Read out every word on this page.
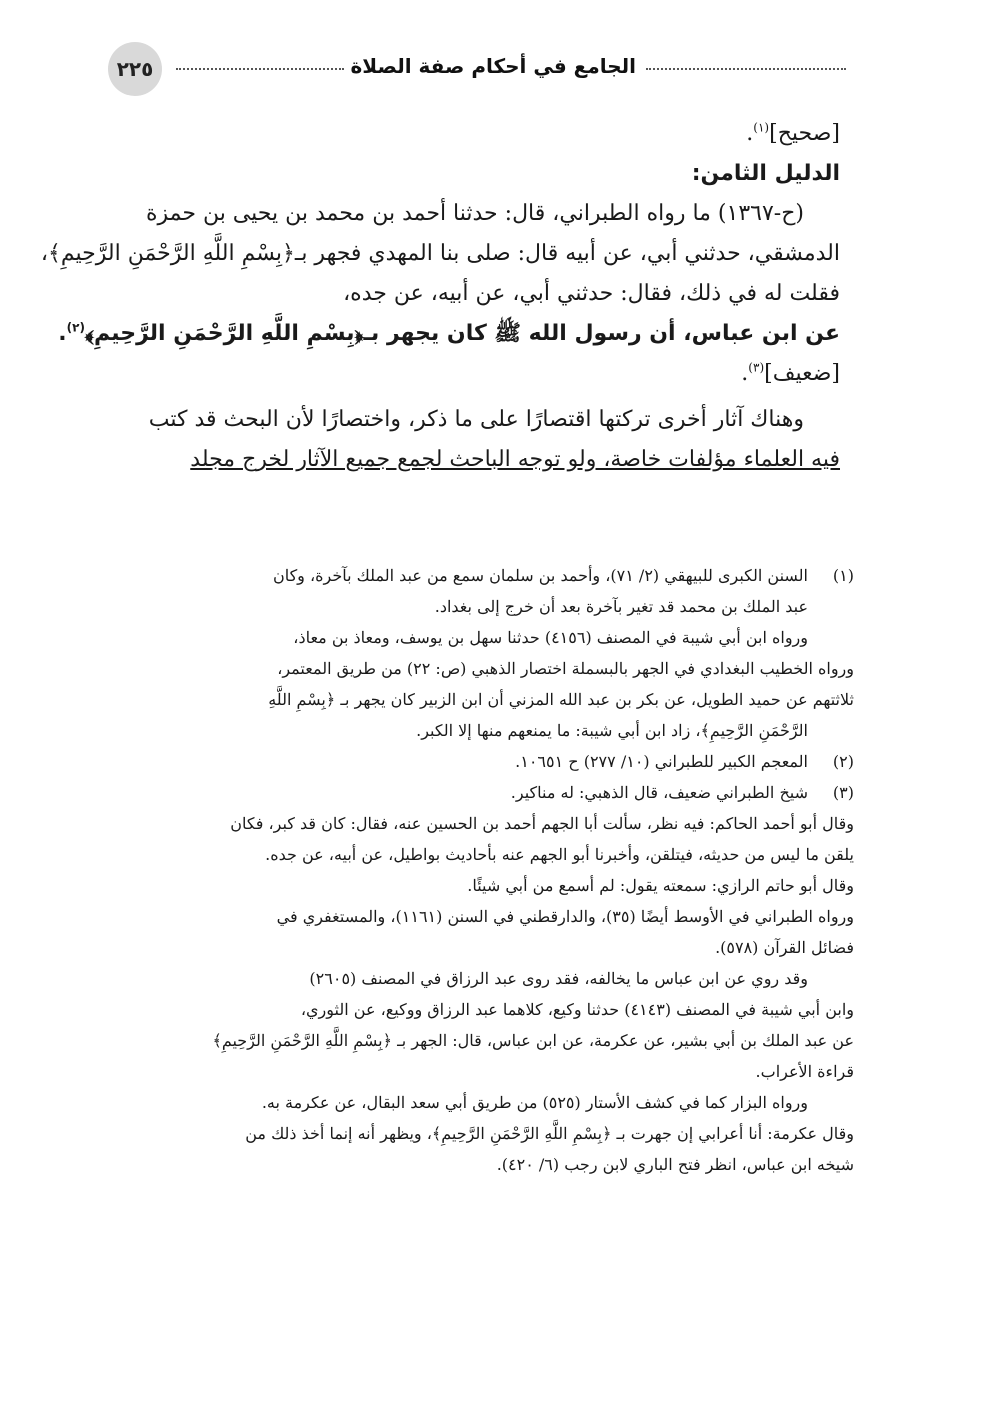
الجامع في أحكام صفة الصلاة
٢٢٥
[صحيح]$^{(١)}$.
الدليل الثامن:
(ح-١٣٦٧) ما رواه الطبراني، قال: حدثنا أحمد بن محمد بن يحيى بن حمزة
الدمشقي، حدثني أبي، عن أبيه قال: صلى بنا المهدي فجهر بـ﴿بِسْمِ اللَّهِ الرَّحْمَنِ الرَّحِيمِ﴾،
فقلت له في ذلك، فقال: حدثني أبي، عن أبيه، عن جده،
عن ابن عباس، أن رسول الله ﷺ كان يجهر بـ﴿بِسْمِ اللَّهِ الرَّحْمَنِ الرَّحِيمِ﴾$^{(٢)}$.
[ضعيف]$^{(٣)}$.
وهناك آثار أخرى تركتها اقتصارًا على ما ذكر، واختصارًا لأن البحث قد كتب
فيه العلماء مؤلفات خاصة، ولو توجه الباحث لجمع جميع الآثار لخرج مجلد
(١)
السنن الكبرى للبيهقي (٢/ ٧١)، وأحمد بن سلمان سمع من عبد الملك بآخرة، وكان
عبد الملك بن محمد قد تغير بآخرة بعد أن خرج إلى بغداد.
ورواه ابن أبي شيبة في المصنف (٤١٥٦) حدثنا سهل بن يوسف، ومعاذ بن معاذ،
ورواه الخطيب البغدادي في الجهر بالبسملة اختصار الذهبي (ص: ٢٢) من طريق المعتمر،
ثلاثتهم عن حميد الطويل، عن بكر بن عبد الله المزني أن ابن الزبير كان يجهر بـ ﴿بِسْمِ اللَّهِ
الرَّحْمَنِ الرَّحِيمِ﴾، زاد ابن أبي شيبة: ما يمنعهم منها إلا الكبر.
(٢)
المعجم الكبير للطبراني (١٠/ ٢٧٧) ح ١٠٦٥١.
(٣)
شيخ الطبراني ضعيف، قال الذهبي: له مناكير.
وقال أبو أحمد الحاكم: فيه نظر، سألت أبا الجهم أحمد بن الحسين عنه، فقال: كان قد كبر، فكان
يلقن ما ليس من حديثه، فيتلقن، وأخبرنا أبو الجهم عنه بأحاديث بواطيل، عن أبيه، عن جده.
وقال أبو حاتم الرازي: سمعته يقول: لم أسمع من أبي شيئًا.
ورواه الطبراني في الأوسط أيضًا (٣٥)، والدارقطني في السنن (١١٦١)، والمستغفري في
فضائل القرآن (٥٧٨).
وقد روي عن ابن عباس ما يخالفه، فقد روى عبد الرزاق في المصنف (٢٦٠٥)
وابن أبي شيبة في المصنف (٤١٤٣) حدثنا وكيع، كلاهما عبد الرزاق ووكيع، عن الثوري،
عن عبد الملك بن أبي بشير، عن عكرمة، عن ابن عباس، قال: الجهر بـ ﴿بِسْمِ اللَّهِ الرَّحْمَنِ الرَّحِيمِ﴾
قراءة الأعراب.
ورواه البزار كما في كشف الأستار (٥٢٥) من طريق أبي سعد البقال، عن عكرمة به.
وقال عكرمة: أنا أعرابي إن جهرت بـ ﴿بِسْمِ اللَّهِ الرَّحْمَنِ الرَّحِيمِ﴾، ويظهر أنه إنما أخذ ذلك من
شيخه ابن عباس، انظر فتح الباري لابن رجب (٦/ ٤٢٠).
